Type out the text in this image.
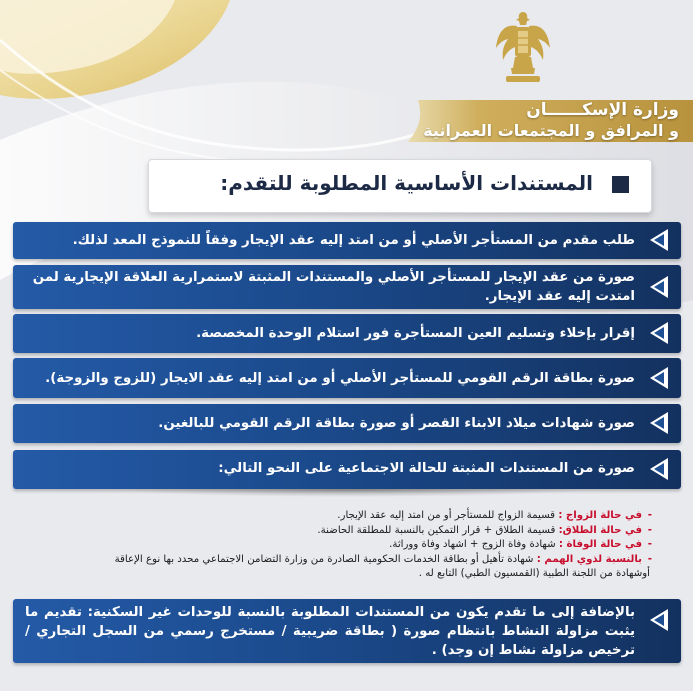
وزارة الإسكــــــان
و المرافق و المجتمعات العمرانية
المستندات الأساسية المطلوبة للتقدم:
طلب مقدم من المستأجر الأصلي أو من امتد إليه عقد الإيجار وفقاً للنموذج المعد لذلك.
صورة من عقد الإيجار للمستأجر الأصلي والمستندات المثبتة لاستمرارية العلاقة الإيجارية لمن امتدت إليه عقد الإيجار.
إقرار بإخلاء وتسليم العين المستأجرة فور استلام الوحدة المخصصة.
صورة بطاقة الرقم القومي للمستأجر الأصلي أو من امتد إليه عقد الايجار (للزوج والزوجة).
صورة شهادات ميلاد الابناء القصر أو صورة بطاقة الرقم القومي للبالغين.
صورة من المستندات المثبتة للحالة الاجتماعية على النحو التالي:
-
في حالة الزواج : قسيمة الزواج للمستأجر أو من امتد إليه عقد الإيجار.
-
في حالة الطلاق: قسيمة الطلاق + قرار التمكين بالنسبة للمطلقة الحاضنة.
-
في حالة الوفاة : شهادة وفاة الزوج + اشهاد وفاة ووراثة.
-
بالنسبة لذوي الهمم : شهادة تأهيل أو بطاقة الخدمات الحكومية الصادرة من وزارة التضامن الاجتماعي محدد بها نوع الإعاقة
أوشهادة من اللجنة الطبية (القمسيون الطبي) التابع له .
بالإضافة إلى ما تقدم يكون من المستندات المطلوبة بالنسبة للوحدات غير السكنية: تقديم ما يثبت مزاولة النشاط بانتظام صورة ( بطاقة ضريبية / مستخرج رسمي من السجل التجاري / ترخيص مزاولة نشاط إن وجد) .
